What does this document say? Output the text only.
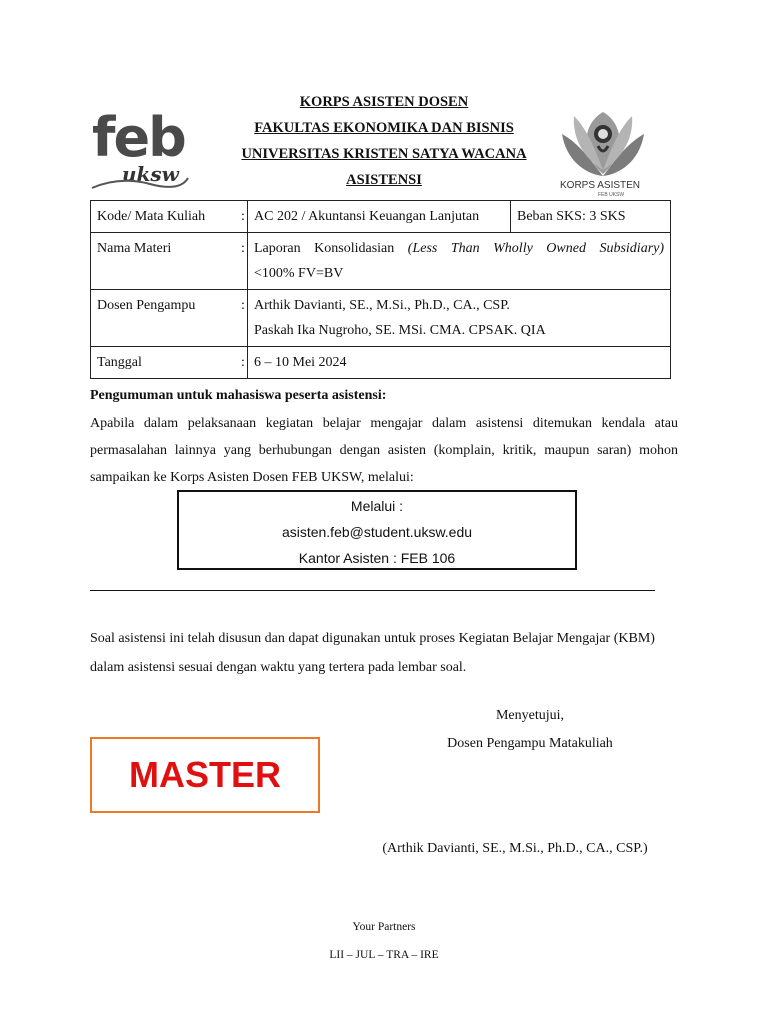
KORPS ASISTEN DOSEN
FAKULTAS EKONOMIKA DAN BISNIS
UNIVERSITAS KRISTEN SATYA WACANA
ASISTENSI
feb
uksw	KORPS ASISTEN
FEB UKSW
Kode/ Mata Kuliah	:	AC 202 / Akuntansi Keuangan Lanjutan	Beban SKS: 3 SKS
Nama Materi	:	Laporan Konsolidasian (Less Than Wholly Owned Subsidiary)
<100% FV=BV	

Dosen Pengampu	:	Arthik Davianti, SE., M.Si., Ph.D., CA., CSP.
Paskah Ika Nugroho, SE. MSi. CMA. CPSAK. QIA	

Tanggal	:	6 – 10 Mei 2024	
Pengumuman untuk mahasiswa peserta asistensi:
Apabila dalam pelaksanaan kegiatan belajar mengajar dalam asistensi ditemukan kendala atau permasalahan lainnya yang berhubungan dengan asisten (komplain, kritik, maupun saran) mohon sampaikan ke Korps Asisten Dosen FEB UKSW, melalui:
Melalui :
asisten.feb@student.uksw.edu
Kantor Asisten : FEB 106
Soal asistensi ini telah disusun dan dapat digunakan untuk proses Kegiatan Belajar Mengajar (KBM) dalam asistensi sesuai dengan waktu yang tertera pada lembar soal.
Menyetujui,
Dosen Pengampu Matakuliah
MASTER
(Arthik Davianti, SE., M.Si., Ph.D., CA., CSP.)
Your Partners
LII – JUL – TRA – IRE
